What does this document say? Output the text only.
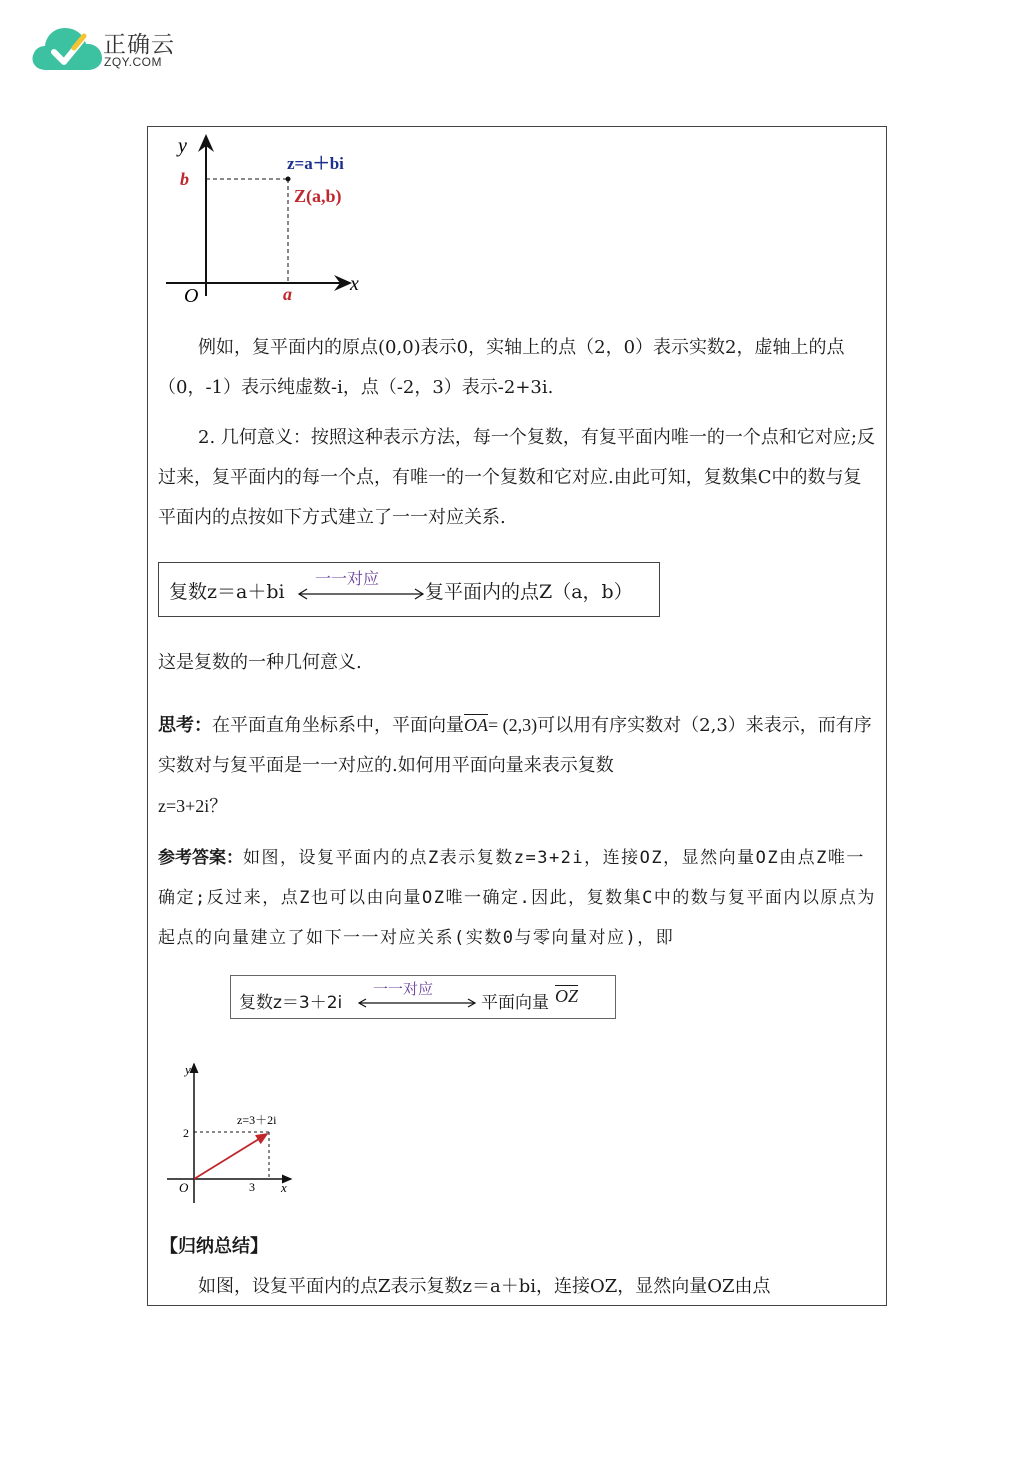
正确云
ZQY.COM
y
x
O
b
a
z=a＋bi
Z(a,b)
例如，复平面内的原点(0,0)表示0，实轴上的点（2，0）表示实数2，虚轴上的点（0，-1）表示纯虚数-i，点（-2，3）表示-2+3i.
2. 几何意义：按照这种表示方法，每一个复数，有复平面内唯一的一个点和它对应;反过来，复平面内的每一个点，有唯一的一个复数和它对应.由此可知，复数集C中的数与复平面内的点按如下方式建立了一一对应关系.
复数z＝a＋bi
一一对应
复平面内的点Z（a，b）
这是复数的一种几何意义.
思考：在平面直角坐标系中，平面向量$\overline{OA}= (2,3)$可以用有序实数对（2,3）来表示，而有序实数对与复平面是一一对应的.如何用平面向量来表示复数
z=3+2i？
参考答案：如图，设复平面内的点Z表示复数z=3+2i，连接OZ，显然向量OZ由点Z唯一确定;反过来，点Z也可以由向量OZ唯一确定.因此，复数集C中的数与复平面内以原点为起点的向量建立了如下一一对应关系(实数0与零向量对应)，即
复数z＝3＋2i
一一对应
平面向量 $\overline{OZ}$
y
x
O
2
3
z=3＋2i
【归纳总结】
如图，设复平面内的点Z表示复数z＝a＋bi，连接OZ，显然向量OZ由点
